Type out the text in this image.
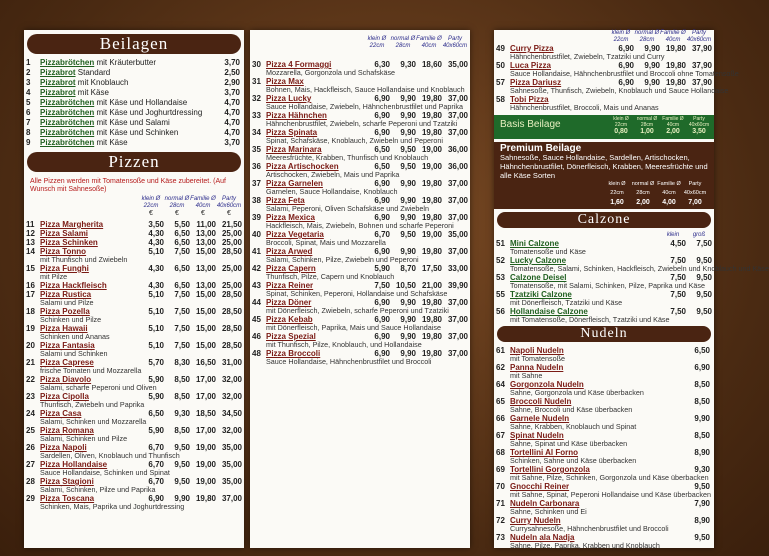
Beilagen
1 Pizzabrötchen mit Kräuterbutter	3,70
2 Pizzabrot Standard	2,50
3 Pizzabrot mit Knoblauch	2,90
4 Pizzabrot mit Käse	3,70
5 Pizzabrötchen mit Käse und Hollandaise	4,70
6 Pizzabrötchen mit Käse und Joghurtdressing	4,70
7 Pizzabrötchen mit Käse und Salami	4,70
8 Pizzabrötchen mit Käse und Schinken	4,70
9 Pizzabrötchen mit Käse	3,70
Pizzen
Alle Pizzen werden mit Tomatensoße und Käse zubereitet. (Auf Wunsch mit Sahnesoße)
klein Ø 22cm
normal Ø 28cm
Familie Ø 40cm
Party 40x60cm
€	€	€	€
11 Pizza Margherita	3,50	5,50 11,00 21,50
12 Pizza Salami	4,30	6,50 13,00 25,00
13 Pizza Schinken	4,30	6,50 13,00 25,00
14 Pizza Tonno	5,10	7,50 15,00 28,50
mit Thunfisch und Zwiebeln
15 Pizza Funghi	4,30	6,50 13,00 25,00
mit Pilze
16 Pizza Hackfleisch	4,30	6,50 13,00 25,00
17 Pizza Rustica	5,10	7,50 15,00 28,50
Salami und Pilze
18 Pizza Pozella	5,10	7,50 15,00 28,50
Schinken und Pilze
19 Pizza Hawaii	5,10	7,50 15,00 28,50
Schinken und Ananas
20 Pizza Fantasia	5,10	7,50 15,00 28,50
Salami und Schinken
21 Pizza Caprese	5,70	8,30 16,50 31,00
frische Tomaten und Mozzarella
22 Pizza Diavolo	5,90	8,50 17,00 32,00
Salami, scharfe Peperoni und Oliven
23 Pizza Cipolla	5,90	8,50 17,00 32,00
Thunfisch, Zwiebeln und Paprika
24 Pizza Casa	6,50	9,30 18,50 34,50
Salami, Schinken und Mozzarella
25 Pizza Romana	5,90	8,50 17,00 32,00
Salami, Schinken und Pilze
26 Pizza Napoli	6,70	9,50 19,00 35,00
Sardellen, Oliven, Knoblauch und Thunfisch
27 Pizza Hollandaise	6,70	9,50 19,00 35,00
Sauce Hollandaise, Schinken und Spinat
28 Pizza Stagioni	6,70	9,50 19,00 35,00
Salami, Schinken, Pilze und Paprika
29 Pizza Toscana	6,90	9,90 19,80 37,00
Schinken, Mais, Paprika und Joghurtdressing
klein Ø 22cm
normal Ø 28cm
Familie Ø 40cm
Party 40x60cm
30 Pizza 4 Formaggi	6,30	9,30 18,60 35,00
Mozzarella, Gorgonzola und Schafskäse
31 Pizza Max
Bohnen, Mais, Hackfleisch, Sauce Hollandaise und Knoblauch
32 Pizza Lucky	6,90	9,90 19,80 37,00
Sauce Hollandaise, Zwiebeln, Hähnchenbrustfilet und Paprika
33 Pizza Hähnchen	6,90	9,90 19,80 37,00
Hähnchenbrustfilet, Zwiebeln, scharfe Peperoni und Tzatziki
34 Pizza Spinata	6,90	9,90 19,80 37,00
Spinat, Schafskäse, Knoblauch, Zwiebeln und Peperoni
35 Pizza Marinara	6,50	9,50 19,00 36,00
Meeresfrüchte, Krabben, Thunfisch und Knoblauch
36 Pizza Artischocken	6,50	9,50 19,00 36,00
Artischocken, Zwiebeln, Mais und Paprika
37 Pizza Garnelen	6,90	9,90 19,80 37,00
Garnelen, Sauce Hollandaise, Knoblauch
38 Pizza Feta	6,90	9,90 19,80 37,00
Salami, Peperoni, Oliven Schafskäse und Zwiebeln
39 Pizza Mexica	6,90	9,90 19,80 37,00
Hackfleisch, Mais, Zwiebeln, Bohnen und scharfe Peperoni
40 Pizza Vegetaria	6,70	9,50 19,00 35,00
Broccoli, Spinat, Mais und Mozzarella
41 Pizza Arwed	6,90	9,90 19,80 37,00
Salami, Schinken, Pilze, Zwiebeln und Peperoni
42 Pizza Capern	5,90	8,70 17,50 33,00
Thunfisch, Pilze, Capern und Knoblauch
43 Pizza Reiner	7,50 10,50 21,00 39,90
Spinat, Schinken, Peperoni, Hollandaise und Schafskäse
44 Pizza Döner	6,90	9,90 19,80 37,00
mit Dönerfleisch, Zwiebeln, scharfe Peperoni und Tzatziki
45 Pizza Kebab	6,90	9,90 19,80 37,00
mit Dönerfleisch, Paprika, Mais und Sauce Hollandaise
46 Pizza Spezial	6,90	9,90 19,80 37,00
mit Thunfisch, Pilze, Knoblauch, und Hollandaise
48 Pizza Broccoli	6,90	9,90 19,80 37,00
Sauce Hollandaise, Hähnchenbrustfilet und Broccoli
klein Ø 22cm
normal Ø 28cm
Familie Ø 40cm
Party 40x60cm
49 Curry Pizza	6,90	9,90 19,80 37,90
Hähnchenbrustfilet, Zwiebeln, Tzatziki und Curry
50 Luca Pizza	6,90	9,90 19,80 37,90
Sauce Hollandaise, Hähnchenbrustfilet und Broccoli ohne Tomatensoße
57 Pizza Dariusz	6,90	9,90 19,80 37,90
Sahnesoße, Thunfisch, Zwiebeln, Knoblauch und Sauce Hollandaise
58 Tobi Pizza
Hähnchenbrustfilet, Broccoli, Mais und Ananas
Basis Beilage	klein Ø 22cm
normal Ø 28cm
Familie Ø 40cm
Party 40x60cm
0,80	1,00	2,00	3,50
Premium Beilage
Sahnesoße, Sauce Hollandaise, Sardellen, Artischocken, Hähnchenbrustfilet, Dönerfleisch, Krabben, Meeresfrüchte und alle Käse Sorten
klein Ø 22cm
normal Ø 28cm
Familie Ø 40cm
Party 40x60cm
1,60	2,00	4,00	7,00
Calzone
klein	groß
51 Mini Calzone	4,50	7,50
Tomatensoße und Käse
52 Lucky Calzone	7,50	9,50
Tomatensoße, Salami, Schinken, Hackfleisch, Zwiebeln und Knoblauch und Käse
53 Calzone Deisel	7,50	9,50
Tomatensoße, mit Salami, Schinken, Pilze, Paprika und Käse
55 Tzatziki Calzone	7,50	9,50
mit Dönerfleisch, Tzatziki und Käse
56 Hollandaise Calzone	7,50	9,50
mit Tomatensoße, Dönerfleisch, Tzatziki und Käse
Nudeln
61 Napoli Nudeln	6,50
mit Tomatensoße
62 Panna Nudeln	6,90
mit Sahne
64 Gorgonzola Nudeln	8,50
Sahne, Gorgonzola und Käse überbacken
65 Broccoli Nudeln	8,50
Sahne, Broccoli und Käse überbacken
66 Garnele Nudeln	9,90
Sahne, Krabben, Knoblauch und Spinat
67 Spinat Nudeln	8,50
Sahne, Spinat und Käse überbacken
68 Tortellini Al Forno	8,90
Schinken, Sahne und Käse überbacken
69 Tortellini Gorgonzola	9,30
mit Sahne, Pilze, Schinken, Gorgonzola und Käse überbacken
70 Gnocchi Reiner	9,50
mit Sahne, Spinat, Peperoni Hollandaise und Käse überbacken
71 Nudeln Carbonara	7,90
Sahne, Schinken und Ei
72 Curry Nudeln	8,90
Currysahnesoße, Hähnchenbrustfilet und Broccoli
73 Nudeln ala Nadja	9,50
Sahne, Pilze, Paprika, Krabben und Knoblauch
